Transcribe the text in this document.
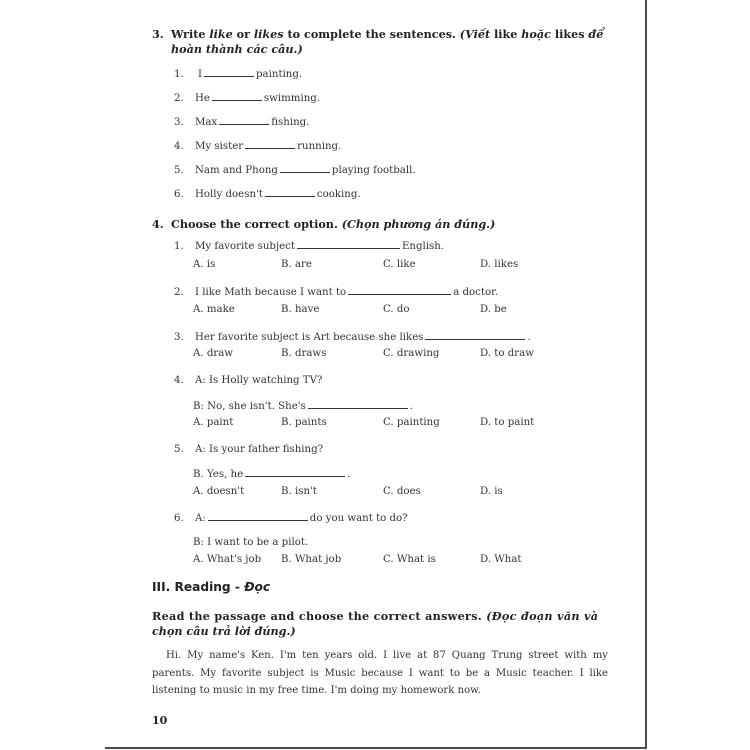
3. Write like or likes to complete the sentences. (Viết like hoặc likes để
hoàn thành các câu.)
1. I	painting.
2. He	swimming.
3. Max	fishing.
4. My sister	running.
5. Nam and Phong	playing football.
6. Holly doesn't	cooking.
4. Choose the correct option. (Chọn phương án đúng.)
1. My favorite subject	English.
A. is	B. are	C. like	D. likes
2. I like Math because I want to	a doctor.
A. make	B. have	C. do	D. be
3. Her favorite subject is Art because she likes	.
A. draw	B. draws	C. drawing	D. to draw
4. A: Is Holly watching TV?
B: No, she isn't. She's	.
A. paint	B. paints	C. painting	D. to paint
5. A: Is your father fishing?
B. Yes, he	.
A. doesn't	B. isn't	C. does	D. is
6. A:	do you want to do?
B: I want to be a pilot.
A. What's job B. What job	C. What is	D. What
III. Reading - Đọc
Read the passage and choose the correct answers. (Đọc đoạn văn và
chọn câu trả lời đúng.)
Hi. My name's Ken. I'm ten years old. I live at 87 Quang Trung street with my parents. My favorite subject is Music because I want to be a Music teacher. I like listening to music in my free time. I'm doing my homework now.
10
